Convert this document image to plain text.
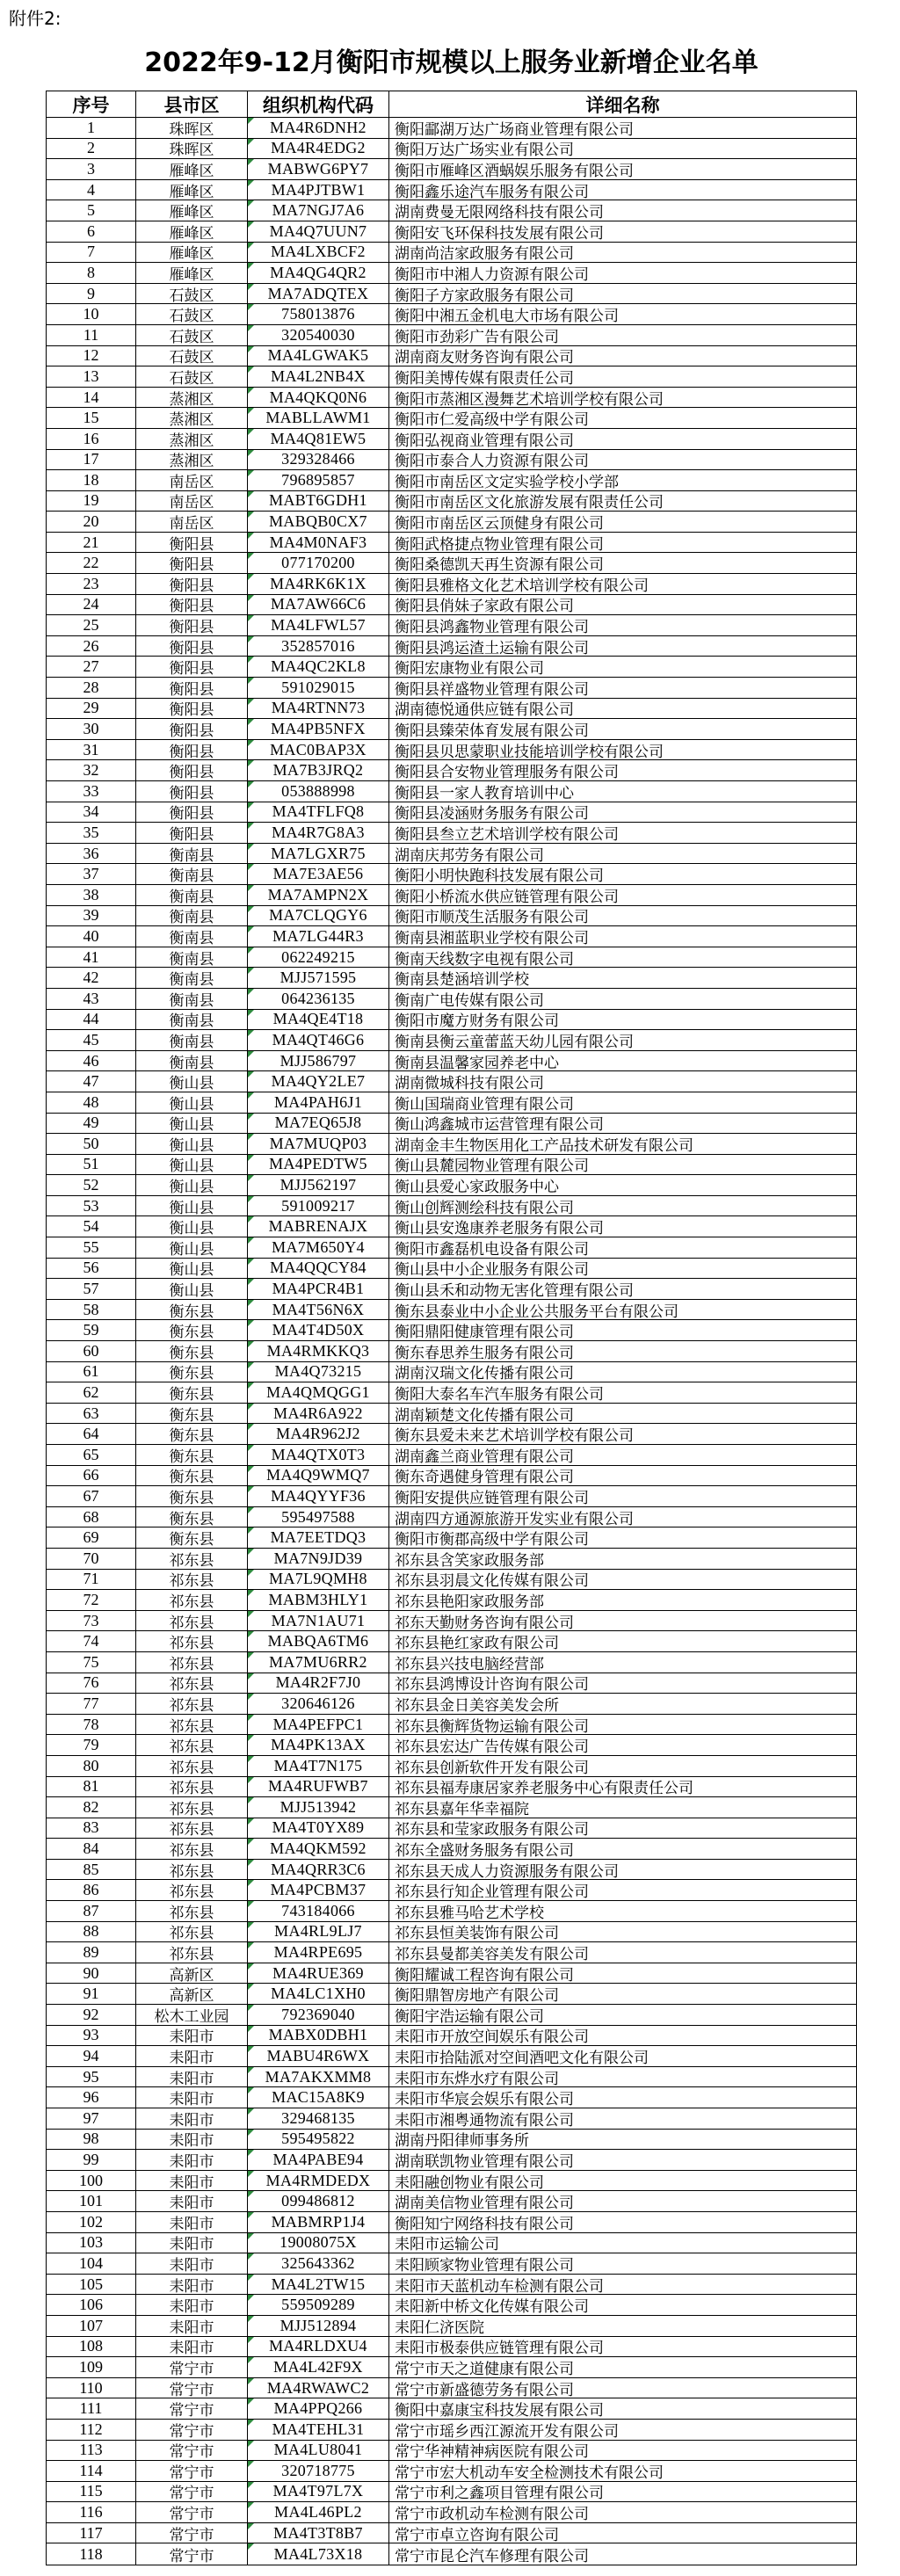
附件2:
2022年9-12月衡阳市规模以上服务业新增企业名单
序号	县市区	组织机构代码	详细名称
1	珠晖区	MA4R6DNH2	衡阳酃湖万达广场商业管理有限公司
2	珠晖区	MA4R4EDG2	衡阳万达广场实业有限公司
3	雁峰区	MABWG6PY7	衡阳市雁峰区酒蜗娱乐服务有限公司
4	雁峰区	MA4PJTBW1	衡阳鑫乐途汽车服务有限公司
5	雁峰区	MA7NGJ7A6	湖南费曼无限网络科技有限公司
6	雁峰区	MA4Q7UUN7	衡阳安飞环保科技发展有限公司
7	雁峰区	MA4LXBCF2	湖南尚洁家政服务有限公司
8	雁峰区	MA4QG4QR2	衡阳市中湘人力资源有限公司
9	石鼓区	MA7ADQTEX	衡阳子方家政服务有限公司
10	石鼓区	758013876	衡阳中湘五金机电大市场有限公司
11	石鼓区	320540030	衡阳市劲彩广告有限公司
12	石鼓区	MA4LGWAK5	湖南商友财务咨询有限公司
13	石鼓区	MA4L2NB4X	衡阳美博传媒有限责任公司
14	蒸湘区	MA4QKQ0N6	衡阳市蒸湘区漫舞艺术培训学校有限公司
15	蒸湘区	MABLLAWM1	衡阳市仁爱高级中学有限公司
16	蒸湘区	MA4Q81EW5	衡阳弘视商业管理有限公司
17	蒸湘区	329328466	衡阳市泰合人力资源有限公司
18	南岳区	796895857	衡阳市南岳区文定实验学校小学部
19	南岳区	MABT6GDH1	衡阳市南岳区文化旅游发展有限责任公司
20	南岳区	MABQB0CX7	衡阳市南岳区云顶健身有限公司
21	衡阳县	MA4M0NAF3	衡阳武格捷点物业管理有限公司
22	衡阳县	077170200	衡阳桑德凯天再生资源有限公司
23	衡阳县	MA4RK6K1X	衡阳县雅格文化艺术培训学校有限公司
24	衡阳县	MA7AW66C6	衡阳县俏妹子家政有限公司
25	衡阳县	MA4LFWL57	衡阳县鸿鑫物业管理有限公司
26	衡阳县	352857016	衡阳县鸿运渣土运输有限公司
27	衡阳县	MA4QC2KL8	衡阳宏康物业有限公司
28	衡阳县	591029015	衡阳县祥盛物业管理有限公司
29	衡阳县	MA4RTNN73	湖南德悦通供应链有限公司
30	衡阳县	MA4PB5NFX	衡阳县臻荣体育发展有限公司
31	衡阳县	MAC0BAP3X	衡阳县贝思蒙职业技能培训学校有限公司
32	衡阳县	MA7B3JRQ2	衡阳县合安物业管理服务有限公司
33	衡阳县	053888998	衡阳县一家人教育培训中心
34	衡阳县	MA4TFLFQ8	衡阳县凌涵财务服务有限公司
35	衡阳县	MA4R7G8A3	衡阳县叁立艺术培训学校有限公司
36	衡南县	MA7LGXR75	湖南庆邦劳务有限公司
37	衡南县	MA7E3AE56	衡阳小明快跑科技发展有限公司
38	衡南县	MA7AMPN2X	衡阳小桥流水供应链管理有限公司
39	衡南县	MA7CLQGY6	衡阳市顺茂生活服务有限公司
40	衡南县	MA7LG44R3	衡南县湘蓝职业学校有限公司
41	衡南县	062249215	衡南天线数字电视有限公司
42	衡南县	MJJ571595	衡南县楚涵培训学校
43	衡南县	064236135	衡南广电传媒有限公司
44	衡南县	MA4QE4T18	衡阳市魔方财务有限公司
45	衡南县	MA4QT46G6	衡南县衡云童蕾蓝天幼儿园有限公司
46	衡南县	MJJ586797	衡南县温馨家园养老中心
47	衡山县	MA4QY2LE7	湖南微城科技有限公司
48	衡山县	MA4PAH6J1	衡山国瑞商业管理有限公司
49	衡山县	MA7EQ65J8	衡山鸿鑫城市运营管理有限公司
50	衡山县	MA7MUQP03	湖南金丰生物医用化工产品技术研发有限公司
51	衡山县	MA4PEDTW5	衡山县麓园物业管理有限公司
52	衡山县	MJJ562197	衡山县爱心家政服务中心
53	衡山县	591009217	衡山创辉测绘科技有限公司
54	衡山县	MABRENAJX	衡山县安逸康养老服务有限公司
55	衡山县	MA7M650Y4	衡阳市鑫磊机电设备有限公司
56	衡山县	MA4QQCY84	衡山县中小企业服务有限公司
57	衡山县	MA4PCR4B1	衡山县禾和动物无害化管理有限公司
58	衡东县	MA4T56N6X	衡东县泰业中小企业公共服务平台有限公司
59	衡东县	MA4T4D50X	衡阳鼎阳健康管理有限公司
60	衡东县	MA4RMKKQ3	衡东春思养生服务有限公司
61	衡东县	MA4Q73215	湖南汉瑞文化传播有限公司
62	衡东县	MA4QMQGG1	衡阳大泰名车汽车服务有限公司
63	衡东县	MA4R6A922	湖南颖楚文化传播有限公司
64	衡东县	MA4R962J2	衡东县爱未来艺术培训学校有限公司
65	衡东县	MA4QTX0T3	湖南鑫兰商业管理有限公司
66	衡东县	MA4Q9WMQ7	衡东奇遇健身管理有限公司
67	衡东县	MA4QYYF36	衡阳安提供应链管理有限公司
68	衡东县	595497588	湖南四方通源旅游开发实业有限公司
69	衡东县	MA7EETDQ3	衡阳市衡郡高级中学有限公司
70	祁东县	MA7N9JD39	祁东县含笑家政服务部
71	祁东县	MA7L9QMH8	祁东县羽晨文化传媒有限公司
72	祁东县	MABM3HLY1	祁东县艳阳家政服务部
73	祁东县	MA7N1AU71	祁东天勤财务咨询有限公司
74	祁东县	MABQA6TM6	祁东县艳红家政有限公司
75	祁东县	MA7MU6RR2	祁东县兴技电脑经营部
76	祁东县	MA4R2F7J0	祁东县鸿博设计咨询有限公司
77	祁东县	320646126	祁东县金日美容美发会所
78	祁东县	MA4PEFPC1	祁东县衡辉货物运输有限公司
79	祁东县	MA4PK13AX	祁东县宏达广告传媒有限公司
80	祁东县	MA4T7N175	祁东县创新软件开发有限公司
81	祁东县	MA4RUFWB7	祁东县福寿康居家养老服务中心有限责任公司
82	祁东县	MJJ513942	祁东县嘉年华幸福院
83	祁东县	MA4T0YX89	祁东县和莹家政服务有限公司
84	祁东县	MA4QKM592	祁东全盛财务服务有限公司
85	祁东县	MA4QRR3C6	祁东县天成人力资源服务有限公司
86	祁东县	MA4PCBM37	祁东县行知企业管理有限公司
87	祁东县	743184066	祁东县雅马哈艺术学校
88	祁东县	MA4RL9LJ7	祁东县恒美装饰有限公司
89	祁东县	MA4RPE695	祁东县曼都美容美发有限公司
90	高新区	MA4RUE369	衡阳耀诚工程咨询有限公司
91	高新区	MA4LC1XH0	衡阳鼎智房地产有限公司
92	松木工业园	792369040	衡阳宇浩运输有限公司
93	耒阳市	MABX0DBH1	耒阳市开放空间娱乐有限公司
94	耒阳市	MABU4R6WX	耒阳市拾陆派对空间酒吧文化有限公司
95	耒阳市	MA7AKXMM8	耒阳市东烨水疗有限公司
96	耒阳市	MAC15A8K9	耒阳市华宸会娱乐有限公司
97	耒阳市	329468135	耒阳市湘粤通物流有限公司
98	耒阳市	595495822	湖南丹阳律师事务所
99	耒阳市	MA4PABE94	湖南联凯物业管理有限公司
100	耒阳市	MA4RMDEDX	耒阳融创物业有限公司
101	耒阳市	099486812	湖南美信物业管理有限公司
102	耒阳市	MABMRP1J4	衡阳知宁网络科技有限公司
103	耒阳市	19008075X	耒阳市运输公司
104	耒阳市	325643362	耒阳顾家物业管理有限公司
105	耒阳市	MA4L2TW15	耒阳市天蓝机动车检测有限公司
106	耒阳市	559509289	耒阳新中桥文化传媒有限公司
107	耒阳市	MJJ512894	耒阳仁济医院
108	耒阳市	MA4RLDXU4	耒阳市极泰供应链管理有限公司
109	常宁市	MA4L42F9X	常宁市天之道健康有限公司
110	常宁市	MA4RWAWC2	常宁市新盛德劳务有限公司
111	常宁市	MA4PPQ266	衡阳中嘉康宝科技发展有限公司
112	常宁市	MA4TEHL31	常宁市瑶乡西江源流开发有限公司
113	常宁市	MA4LU8041	常宁华神精神病医院有限公司
114	常宁市	320718775	常宁市宏大机动车安全检测技术有限公司
115	常宁市	MA4T97L7X	常宁市利之鑫项目管理有限公司
116	常宁市	MA4L46PL2	常宁市政机动车检测有限公司
117	常宁市	MA4T3T8B7	常宁市卓立咨询有限公司
118	常宁市	MA4L73X18	常宁市昆仑汽车修理有限公司
